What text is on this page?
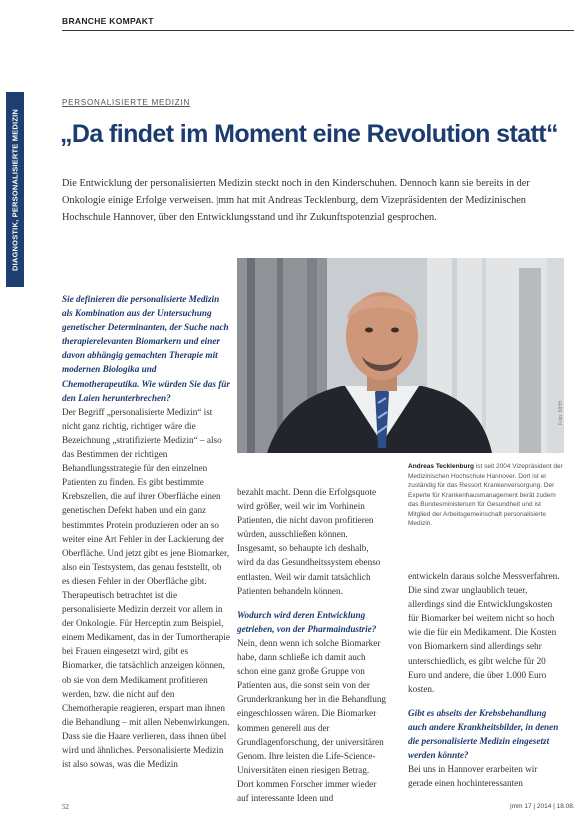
BRANCHE KOMPAKT
DIAGNOSTIK, PERSONALISIERTE MEDIZIN
PERSONALISIERTE MEDIZIN
„Da findet im Moment eine Revolution statt“
Die Entwicklung der personalisierten Medizin steckt noch in den Kinderschuhen. Dennoch kann sie bereits in der Onkologie einige Erfolge verweisen. |mm hat mit Andreas Tecklenburg, dem Vizepräsidenten der Medizinischen Hochschule Hannover, über den Entwicklungsstand und ihr Zukunftspotenzial gesprochen.
Foto: MHH

Sie definieren die personalisierte Medizin als Kombination aus der Untersuchung genetischer Determinanten, der Suche nach therapierelevanten Biomarkern und einer davon abhängig gemachten Therapie mit modernen Biologika und Chemotherapeutika. Wie würden Sie das für den Laien herunterbrechen?

Der Begriff „personalisierte Medizin“ ist nicht ganz richtig, richtiger wäre die Bezeichnung „stratifizierte Medizin“ – also das Bestimmen der richtigen Behandlungsstrategie für den einzelnen Patienten zu finden. Es gibt bestimmte Krebszellen, die auf ihrer Oberfläche einen genetischen Defekt haben und ein ganz bestimmtes Protein produzieren oder an so weiter eine Art Fehler in der Lackierung der Oberfläche. Und jetzt gibt es jene Biomarker, also ein Testsystem, das genau feststellt, ob es diesen Fehler in der Oberfläche gibt. Therapeutisch betrachtet ist die personalisierte Medizin derzeit vor allem in der Onkologie. Für Herceptin zum Beispiel, einem Medikament, das in der Tumortherapie bei Frauen eingesetzt wird, gibt es Biomarker, die tatsächlich anzeigen können, ob sie von dem Medikament profitieren werden, bzw. die nicht auf den Chemotherapie reagieren, erspart man ihnen die Behandlung – mit allen Nebenwirkungen. Dass sie die Haare verlieren, dass ihnen übel wird und ähnliches. Personalisierte Medizin ist also sowas, was die Medizin

bezahlt macht. Denn die Erfolgsquote wird größer, weil wir im Vorhinein Patienten, die nicht davon profitieren würden, ausschließen können. Insgesamt, so behaupte ich deshalb, wird da das Gesundheitssystem ebenso entlasten. Weil wir damit tatsächlich Patienten behandeln können.

Wodurch wird deren Entwicklung getrieben, von der Pharmaindustrie?

Nein, denn wenn ich solche Biomarker habe, dann schließe ich damit auch schon eine ganz große Gruppe von Patienten aus, die sonst sein von der Grunderkrankung her in die Behandlung eingeschlossen wären. Die Biomarker kommen generell aus der Grundlagenforschung, der universitären Genom. Ihre leisten die Life-Science-Universitäten einen riesigen Betrag. Dort kommen Forscher immer wieder auf interessante Ideen und

Andreas Tecklenburg ist seit 2004 Vizepräsident der Medizinischen Hochschule Hannover. Dort ist er zuständig für das Ressort Krankenversorgung. Der Experte für Krankenhausmanagement berät zudem das Bundesministerium für Gesundheit und ist Mitglied der Arbeitsgemeinschaft personalisierte Medizin.

entwickeln daraus solche Messverfahren. Die sind zwar unglaublich teuer, allerdings sind die Entwicklungskosten für Biomarker bei weitem nicht so hoch wie die für ein Medikament. Die Kosten von Biomarkern sind allerdings sehr unterschiedlich, es gibt welche für 20 Euro und andere, die über 1.000 Euro kosten.

Gibt es abseits der Krebsbehandlung auch andere Krankheitsbilder, in denen die personalisierte Medizin eingesetzt werden könnte?

Bei uns in Hannover erarbeiten wir gerade einen hochinteressanten

52	|mm 17 | 2014 | 18.08.
